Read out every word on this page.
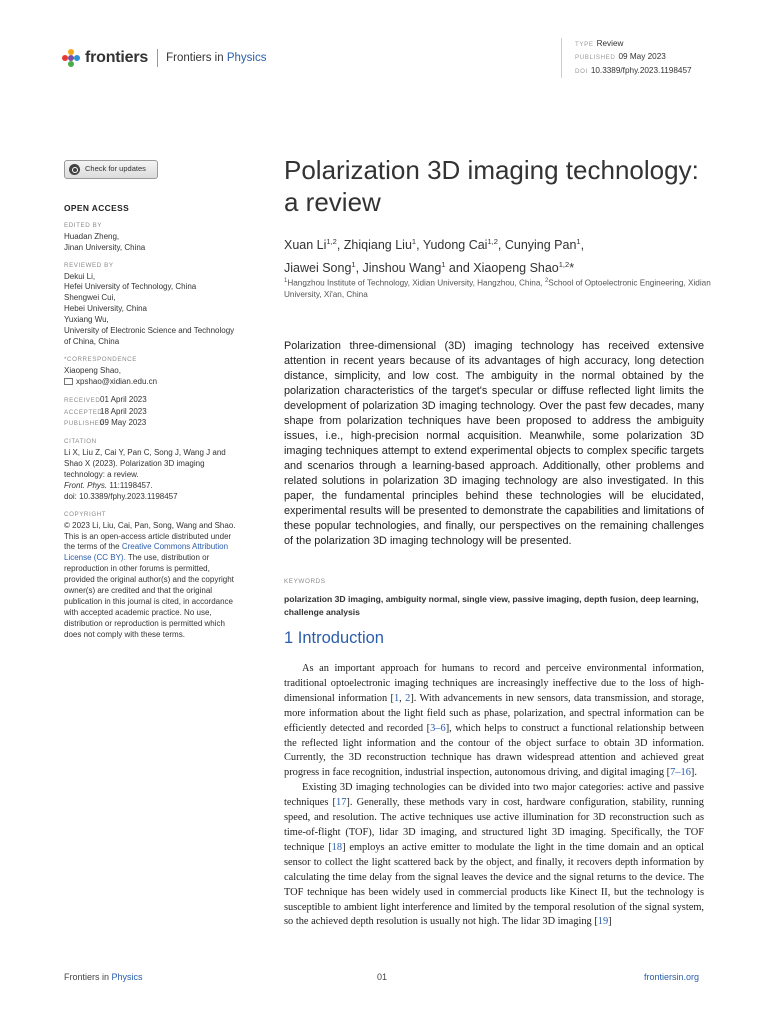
frontiers Frontiers in Physics
TYPE Review
PUBLISHED 09 May 2023
DOI 10.3389/fphy.2023.1198457
Check for updates
OPEN ACCESS
EDITED BY
Huadan Zheng,
Jinan University, China
REVIEWED BY
Dekui Li,
Hefei University of Technology, China
Shengwei Cui,
Hebei University, China
Yuxiang Wu,
University of Electronic Science and Technology of China, China
*CORRESPONDENCE
Xiaopeng Shao,
xpshao@xidian.edu.cn
RECEIVED01 April 2023
ACCEPTED18 April 2023
PUBLISHED09 May 2023
CITATION
Li X, Liu Z, Cai Y, Pan C, Song J, Wang J and Shao X (2023). Polarization 3D imaging technology: a review.
Front. Phys. 11:1198457.
doi: 10.3389/fphy.2023.1198457
COPYRIGHT
© 2023 Li, Liu, Cai, Pan, Song, Wang and Shao. This is an open-access article distributed under the terms of the Creative Commons Attribution License (CC BY). The use, distribution or reproduction in other forums is permitted, provided the original author(s) and the copyright owner(s) are credited and that the original publication in this journal is cited, in accordance with accepted academic practice. No use, distribution or reproduction is permitted which does not comply with these terms.
Polarization 3D imaging technology: a review
Xuan Li$^{1,2}$, Zhiqiang Liu$^1$, Yudong Cai$^{1,2}$, Cunying Pan$^1$,
Jiawei Song$^1$, Jinshou Wang$^1$ and Xiaopeng Shao$^{1,2}$*
$^1$Hangzhou Institute of Technology, Xidian University, Hangzhou, China, $^2$School of Optoelectronic Engineering, Xidian University, Xi'an, China
Polarization three-dimensional (3D) imaging technology has received extensive attention in recent years because of its advantages of high accuracy, long detection distance, simplicity, and low cost. The ambiguity in the normal obtained by the polarization characteristics of the target's specular or diffuse reflected light limits the development of polarization 3D imaging technology. Over the past few decades, many shape from polarization techniques have been proposed to address the ambiguity issues, i.e., high-precision normal acquisition. Meanwhile, some polarization 3D imaging techniques attempt to extend experimental objects to complex specific targets and scenarios through a learning-based approach. Additionally, other problems and related solutions in polarization 3D imaging technology are also investigated. In this paper, the fundamental principles behind these technologies will be elucidated, experimental results will be presented to demonstrate the capabilities and limitations of these popular technologies, and finally, our perspectives on the remaining challenges of the polarization 3D imaging technology will be presented.
KEYWORDS
polarization 3D imaging, ambiguity normal, single view, passive imaging, depth fusion, deep learning, challenge analysis
1 Introduction

As an important approach for humans to record and perceive environmental information, traditional optoelectronic imaging techniques are increasingly ineffective due to the loss of high-dimensional information [1, 2]. With advancements in new sensors, data transmission, and storage, more information about the light field such as phase, polarization, and spectral information can be efficiently detected and recorded [3–6], which helps to construct a functional relationship between the reflected light information and the contour of the object surface to obtain 3D information. Currently, the 3D reconstruction technique has drawn widespread attention and achieved great progress in face recognition, industrial inspection, autonomous driving, and digital imaging [7–16].

Existing 3D imaging technologies can be divided into two major categories: active and passive techniques [17]. Generally, these methods vary in cost, hardware configuration, stability, running speed, and resolution. The active techniques use active illumination for 3D reconstruction such as time-of-flight (TOF), lidar 3D imaging, and structured light 3D imaging. Specifically, the TOF technique [18] employs an active emitter to modulate the light in the time domain and an optical sensor to collect the light scattered back by the object, and finally, it recovers depth information by calculating the time delay from the signal leaves the device and the signal returns to the device. The TOF technique has been widely used in commercial products like Kinect II, but the technology is susceptible to ambient light interference and limited by the temporal resolution of the signal system, so the achieved depth resolution is usually not high. The lidar 3D imaging [19]

Frontiers in Physics	01	frontiersin.org
